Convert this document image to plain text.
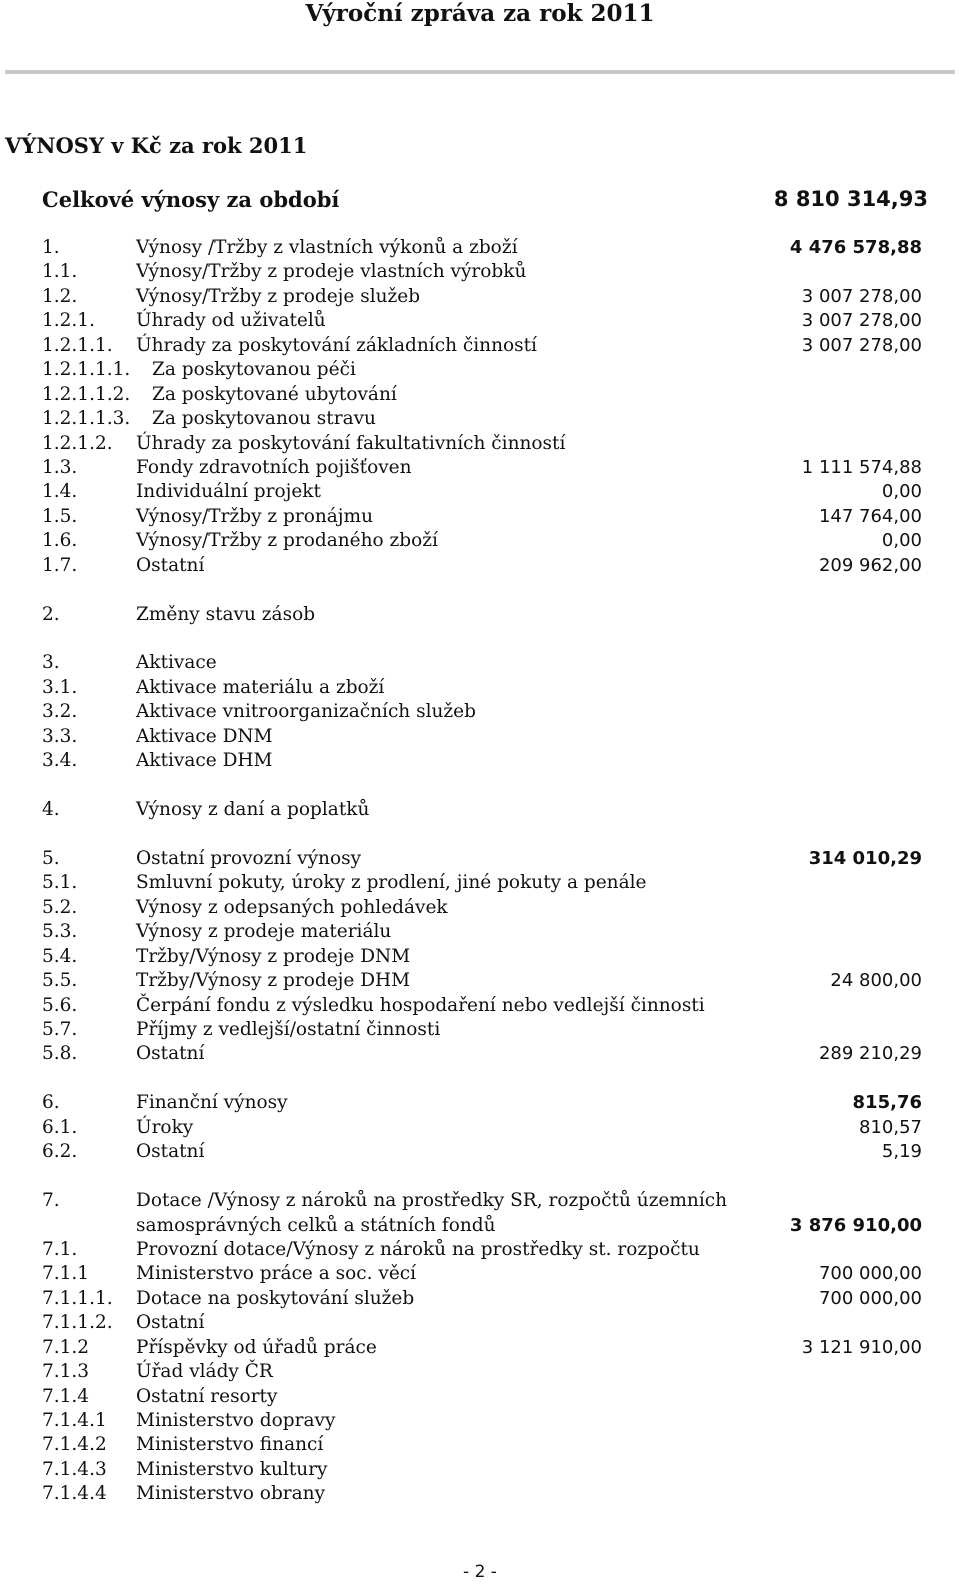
Výroční zpráva za rok 2011
VÝNOSY v Kč za rok 2011
Celkové výnosy za období	8 810 314,93
1.	Výnosy /Tržby z vlastních výkonů a zboží	4 476 578,88
1.1.	Výnosy/Tržby z prodeje vlastních výrobků
1.2.	Výnosy/Tržby z prodeje služeb	3 007 278,00
1.2.1. Úhrady od uživatelů	3 007 278,00
1.2.1.1. Úhrady za poskytování základních činností	3 007 278,00
1.2.1.1.1. Za poskytovanou péči
1.2.1.1.2. Za poskytované ubytování
1.2.1.1.3. Za poskytovanou stravu
1.2.1.2. Úhrady za poskytování fakultativních činností
1.3.	Fondy zdravotních pojišťoven	1 111 574,88
1.4.	Individuální projekt	0,00
1.5.	Výnosy/Tržby z pronájmu	147 764,00
1.6.	Výnosy/Tržby z prodaného zboží	0,00
1.7.	Ostatní	209 962,00
2.	Změny stavu zásob
3.	Aktivace
3.1.	Aktivace materiálu a zboží
3.2.	Aktivace vnitroorganizačních služeb
3.3.	Aktivace DNM
3.4.	Aktivace DHM
4.	Výnosy z daní a poplatků
5.	Ostatní provozní výnosy	314 010,29
5.1.	Smluvní pokuty, úroky z prodlení, jiné pokuty a penále
5.2.	Výnosy z odepsaných pohledávek
5.3.	Výnosy z prodeje materiálu
5.4.	Tržby/Výnosy z prodeje DNM
5.5.	Tržby/Výnosy z prodeje DHM	24 800,00
5.6.	Čerpání fondu z výsledku hospodaření nebo vedlejší činnosti
5.7.	Příjmy z vedlejší/ostatní činnosti
5.8.	Ostatní	289 210,29
6.	Finanční výnosy	815,76
6.1.	Úroky	810,57
6.2.	Ostatní	5,19
7.	Dotace /Výnosy z nároků na prostředky SR, rozpočtů územních
samosprávných celků a státních fondů	3 876 910,00
7.1.	Provozní dotace/Výnosy z nároků na prostředky st. rozpočtu
7.1.1	Ministerstvo práce a soc. věcí	700 000,00
7.1.1.1. Dotace na poskytování služeb	700 000,00
7.1.1.2. Ostatní
7.1.2	Příspěvky od úřadů práce	3 121 910,00
7.1.3	Úřad vlády ČR
7.1.4	Ostatní resorty
7.1.4.1 Ministerstvo dopravy
7.1.4.2 Ministerstvo financí
7.1.4.3 Ministerstvo kultury
7.1.4.4 Ministerstvo obrany
- 2 -
